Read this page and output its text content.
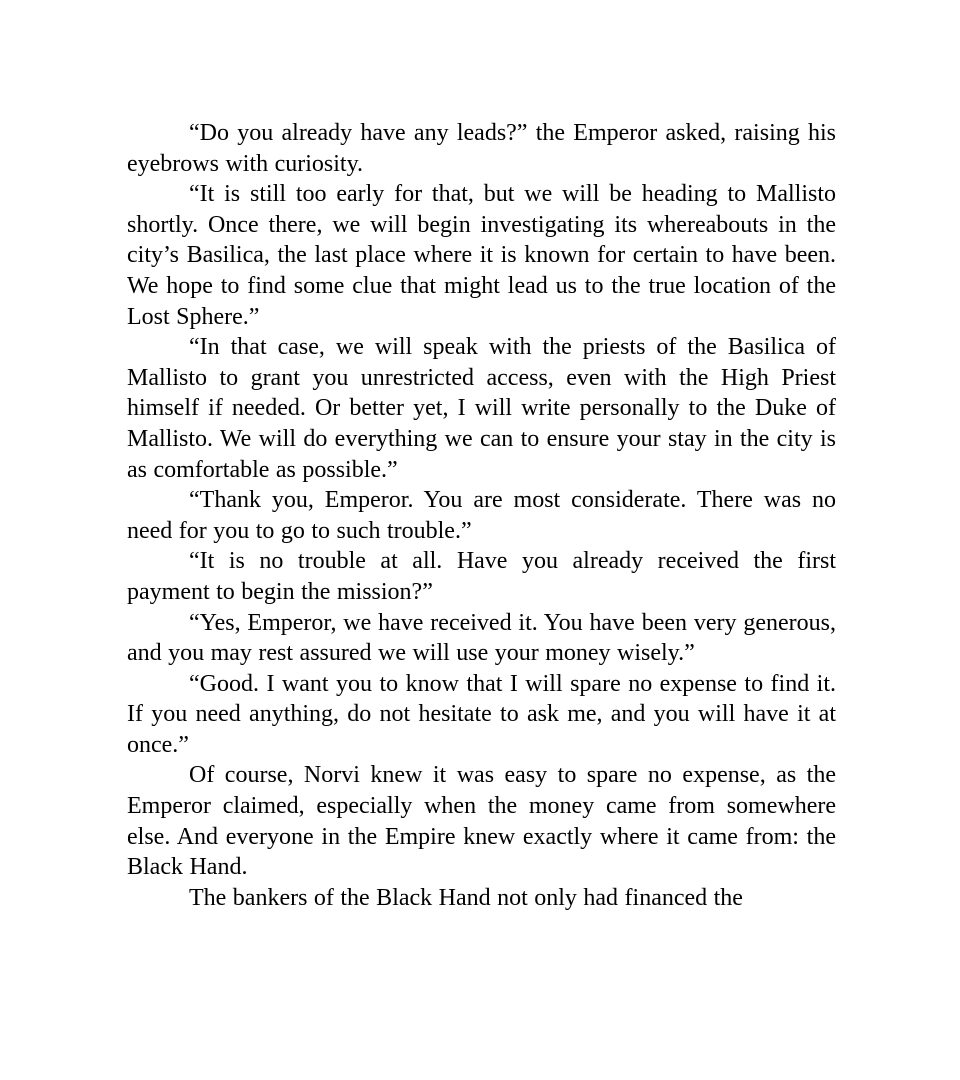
“Do you already have any leads?” the Emperor asked, raising his eyebrows with curiosity.

“It is still too early for that, but we will be heading to Mallisto shortly. Once there, we will begin investigating its whereabouts in the city’s Basilica, the last place where it is known for certain to have been. We hope to find some clue that might lead us to the true location of the Lost Sphere.”

“In that case, we will speak with the priests of the Basilica of Mallisto to grant you unrestricted access, even with the High Priest himself if needed. Or better yet, I will write personally to the Duke of Mallisto. We will do everything we can to ensure your stay in the city is as comfortable as possible.”

“Thank you, Emperor. You are most considerate. There was no need for you to go to such trouble.”

“It is no trouble at all. Have you already received the first payment to begin the mission?”

“Yes, Emperor, we have received it. You have been very generous, and you may rest assured we will use your money wisely.”

“Good. I want you to know that I will spare no expense to find it. If you need anything, do not hesitate to ask me, and you will have it at once.”

Of course, Norvi knew it was easy to spare no expense, as the Emperor claimed, especially when the money came from somewhere else. And everyone in the Empire knew exactly where it came from: the Black Hand.

The bankers of the Black Hand not only had financed the
